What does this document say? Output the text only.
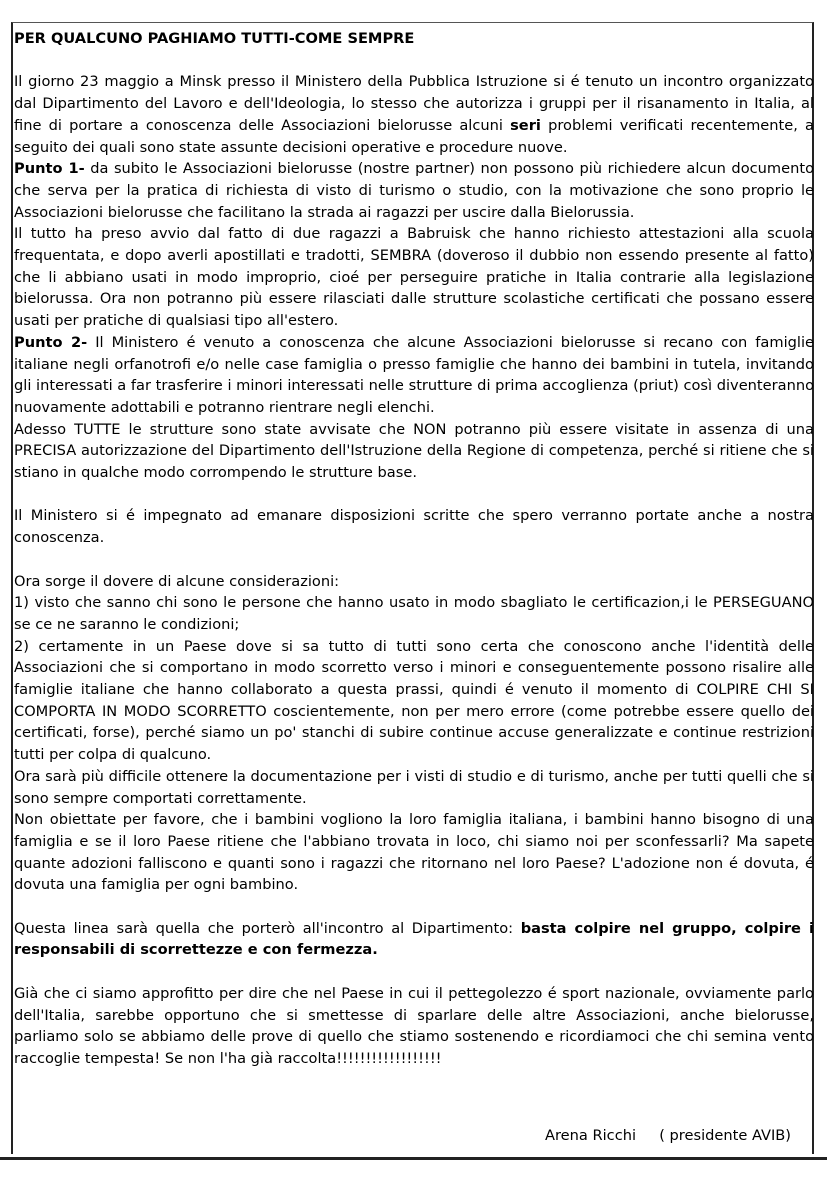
PER QUALCUNO PAGHIAMO TUTTI-COME SEMPRE

Il giorno 23 maggio a Minsk presso il Ministero della Pubblica Istruzione si é tenuto un incontro organizzato dal Dipartimento del Lavoro e dell'Ideologia, lo stesso che autorizza i gruppi per il risanamento in Italia, al fine di portare a conoscenza delle Associazioni bielorusse alcuni seri problemi verificati recentemente, a seguito dei quali sono state assunte decisioni operative e procedure nuove.

Punto 1- da subito le Associazioni bielorusse (nostre partner) non possono più richiedere alcun documento che serva per la pratica di richiesta di visto di turismo o studio, con la motivazione che sono proprio le Associazioni bielorusse che facilitano la strada ai ragazzi per uscire dalla Bielorussia.

Il tutto ha preso avvio dal fatto di due ragazzi a Babruisk che hanno richiesto attestazioni alla scuola frequentata, e dopo averli apostillati e tradotti, SEMBRA (doveroso il dubbio non essendo presente al fatto) che li abbiano usati in modo improprio, cioé per perseguire pratiche in Italia contrarie alla legislazione bielorussa. Ora non potranno più essere rilasciati dalle strutture scolastiche certificati che possano essere usati per pratiche di qualsiasi tipo all'estero.

Punto 2- Il Ministero é venuto a conoscenza che alcune Associazioni bielorusse si recano con famiglie italiane negli orfanotrofi e/o nelle case famiglia o presso famiglie che hanno dei bambini in tutela, invitando gli interessati a far trasferire i minori interessati nelle strutture di prima accoglienza (priut) così diventeranno nuovamente adottabili e potranno rientrare negli elenchi.

Adesso TUTTE le strutture sono state avvisate che NON potranno più essere visitate in assenza di una PRECISA autorizzazione del Dipartimento dell'Istruzione della Regione di competenza, perché si ritiene che si stiano in qualche modo corrompendo le strutture base.

Il Ministero si é impegnato ad emanare disposizioni scritte che spero verranno portate anche a nostra conoscenza.

Ora sorge il dovere di alcune considerazioni:

1) visto che sanno chi sono le persone che hanno usato in modo sbagliato le certificazion,i le PERSEGUANO se ce ne saranno le condizioni;

2) certamente in un Paese dove si sa tutto di tutti sono certa che conoscono anche l'identità delle Associazioni che si comportano in modo scorretto verso i minori e conseguentemente possono risalire alle famiglie italiane che hanno collaborato a questa prassi, quindi é venuto il momento di COLPIRE CHI SI COMPORTA IN MODO SCORRETTO coscientemente, non per mero errore (come potrebbe essere quello dei certificati, forse), perché siamo un po' stanchi di subire continue accuse generalizzate e continue restrizioni tutti per colpa di qualcuno.

Ora sarà più difficile ottenere la documentazione per i visti di studio e di turismo, anche per tutti quelli che si sono sempre comportati correttamente.

Non obiettate per favore, che i bambini vogliono la loro famiglia italiana, i bambini hanno bisogno di una famiglia e se il loro Paese ritiene che l'abbiano trovata in loco, chi siamo noi per sconfessarli? Ma sapete quante adozioni falliscono e quanti sono i ragazzi che ritornano nel loro Paese? L'adozione non é dovuta, é dovuta una famiglia per ogni bambino.

Questa linea sarà quella che porterò all'incontro al Dipartimento: basta colpire nel gruppo, colpire i responsabili di scorrettezze e con fermezza.

Già che ci siamo approfitto per dire che nel Paese in cui il pettegolezzo é sport nazionale, ovviamente parlo dell'Italia, sarebbe opportuno che si smettesse di sparlare delle altre Associazioni, anche bielorusse, parliamo solo se abbiamo delle prove di quello che stiamo sostenendo e ricordiamoci che chi semina vento raccoglie tempesta! Se non l'ha già raccolta!!!!!!!!!!!!!!!!!!

Arena Ricchi     ( presidente AVIB)
